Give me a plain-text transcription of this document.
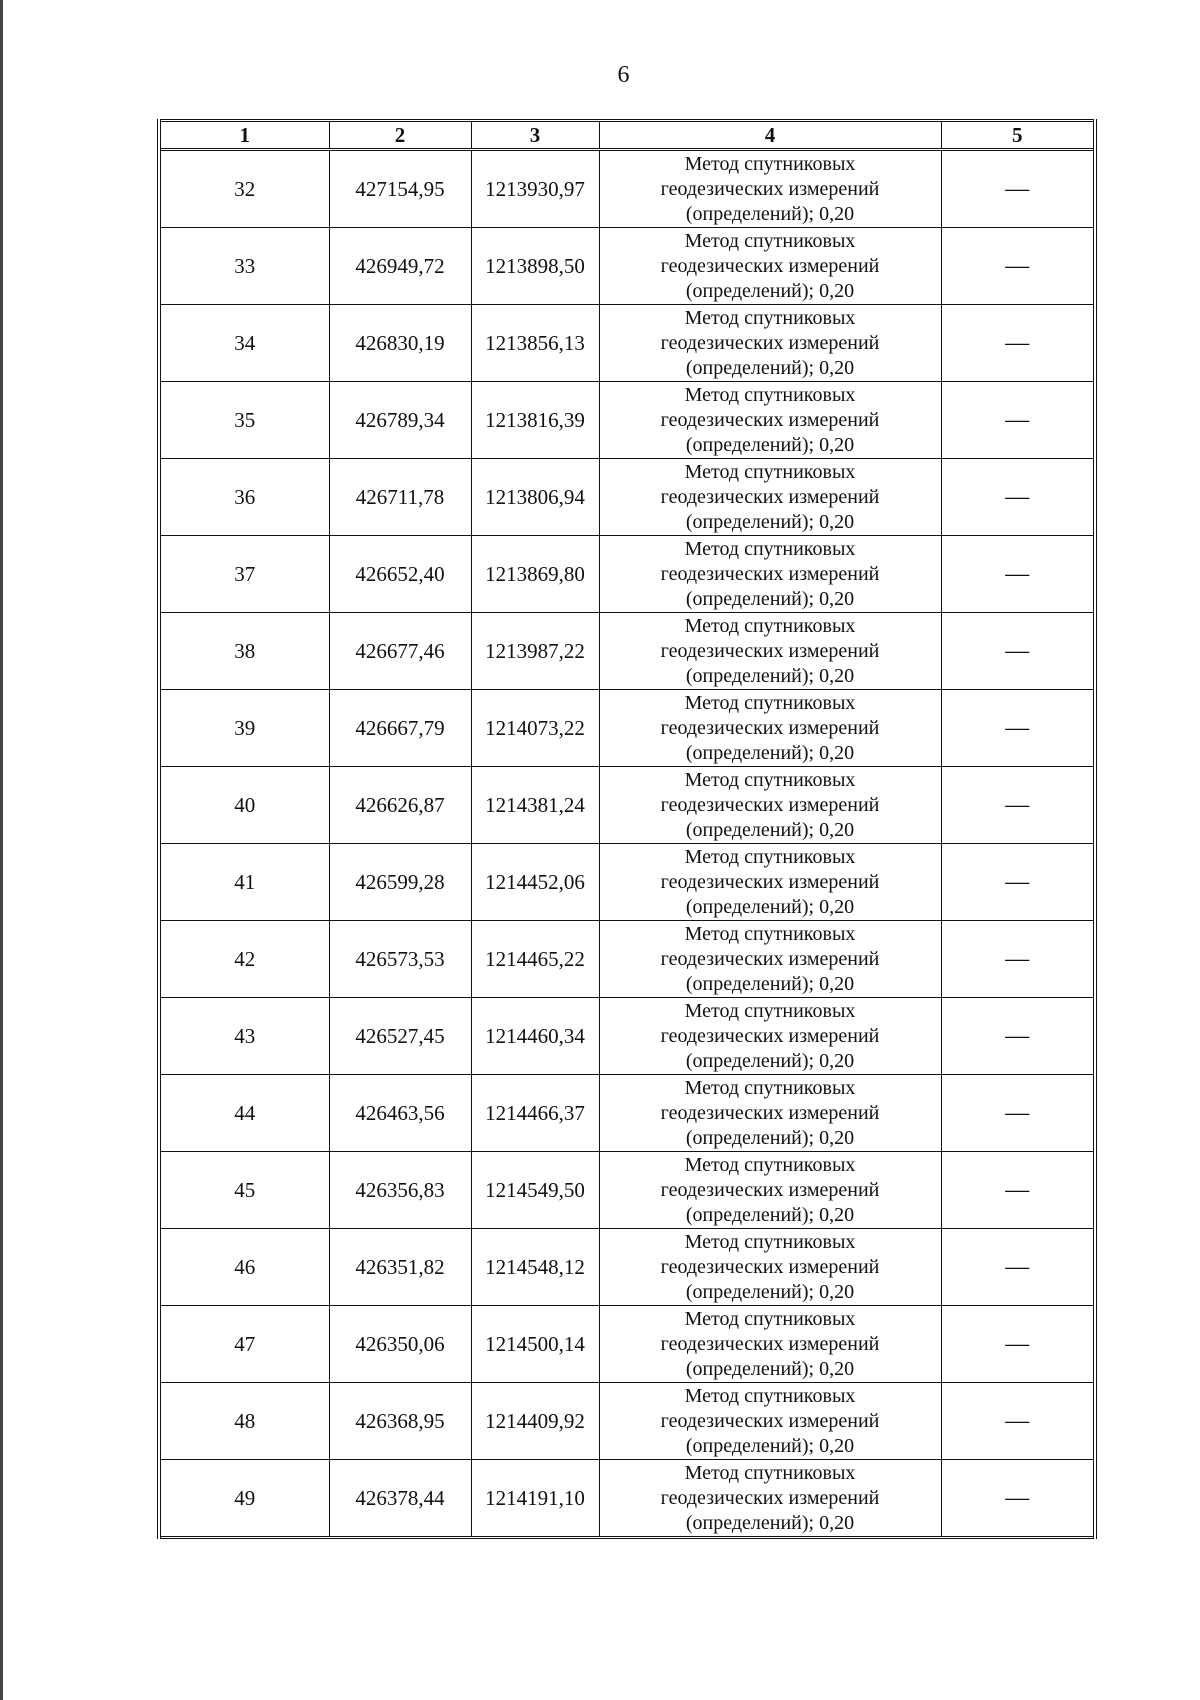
6
1	2	3	4	5
32	427154,95	1213930,97	Метод спутниковых
геодезических измерений
(определений); 0,20	—
33	426949,72	1213898,50	Метод спутниковых
геодезических измерений
(определений); 0,20	—
34	426830,19	1213856,13	Метод спутниковых
геодезических измерений
(определений); 0,20	—
35	426789,34	1213816,39	Метод спутниковых
геодезических измерений
(определений); 0,20	—
36	426711,78	1213806,94	Метод спутниковых
геодезических измерений
(определений); 0,20	—
37	426652,40	1213869,80	Метод спутниковых
геодезических измерений
(определений); 0,20	—
38	426677,46	1213987,22	Метод спутниковых
геодезических измерений
(определений); 0,20	—
39	426667,79	1214073,22	Метод спутниковых
геодезических измерений
(определений); 0,20	—
40	426626,87	1214381,24	Метод спутниковых
геодезических измерений
(определений); 0,20	—
41	426599,28	1214452,06	Метод спутниковых
геодезических измерений
(определений); 0,20	—
42	426573,53	1214465,22	Метод спутниковых
геодезических измерений
(определений); 0,20	—
43	426527,45	1214460,34	Метод спутниковых
геодезических измерений
(определений); 0,20	—
44	426463,56	1214466,37	Метод спутниковых
геодезических измерений
(определений); 0,20	—
45	426356,83	1214549,50	Метод спутниковых
геодезических измерений
(определений); 0,20	—
46	426351,82	1214548,12	Метод спутниковых
геодезических измерений
(определений); 0,20	—
47	426350,06	1214500,14	Метод спутниковых
геодезических измерений
(определений); 0,20	—
48	426368,95	1214409,92	Метод спутниковых
геодезических измерений
(определений); 0,20	—
49	426378,44	1214191,10	Метод спутниковых
геодезических измерений
(определений); 0,20	—
